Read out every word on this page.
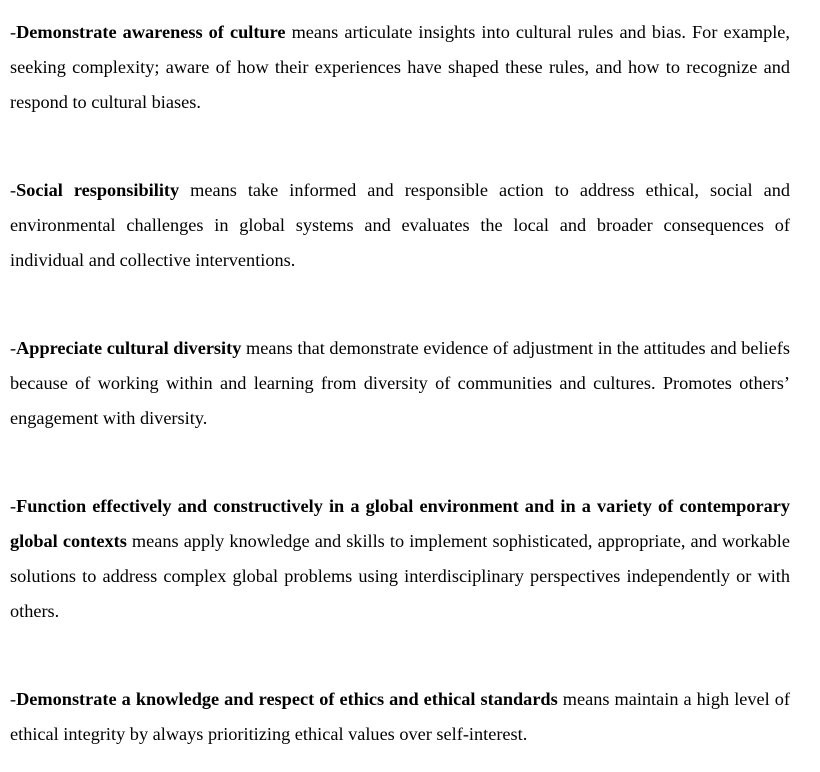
-Demonstrate awareness of culture means articulate insights into cultural rules and bias. For example, seeking complexity; aware of how their experiences have shaped these rules, and how to recognize and respond to cultural biases.

-Social responsibility means take informed and responsible action to address ethical, social and environmental challenges in global systems and evaluates the local and broader consequences of individual and collective interventions.

-Appreciate cultural diversity means that demonstrate evidence of adjustment in the attitudes and beliefs because of working within and learning from diversity of communities and cultures. Promotes others’ engagement with diversity.

-Function effectively and constructively in a global environment and in a variety of contemporary global contexts means apply knowledge and skills to implement sophisticated, appropriate, and workable solutions to address complex global problems using interdisciplinary perspectives independently or with others.

-Demonstrate a knowledge and respect of ethics and ethical standards means maintain a high level of ethical integrity by always prioritizing ethical values over self-interest.
